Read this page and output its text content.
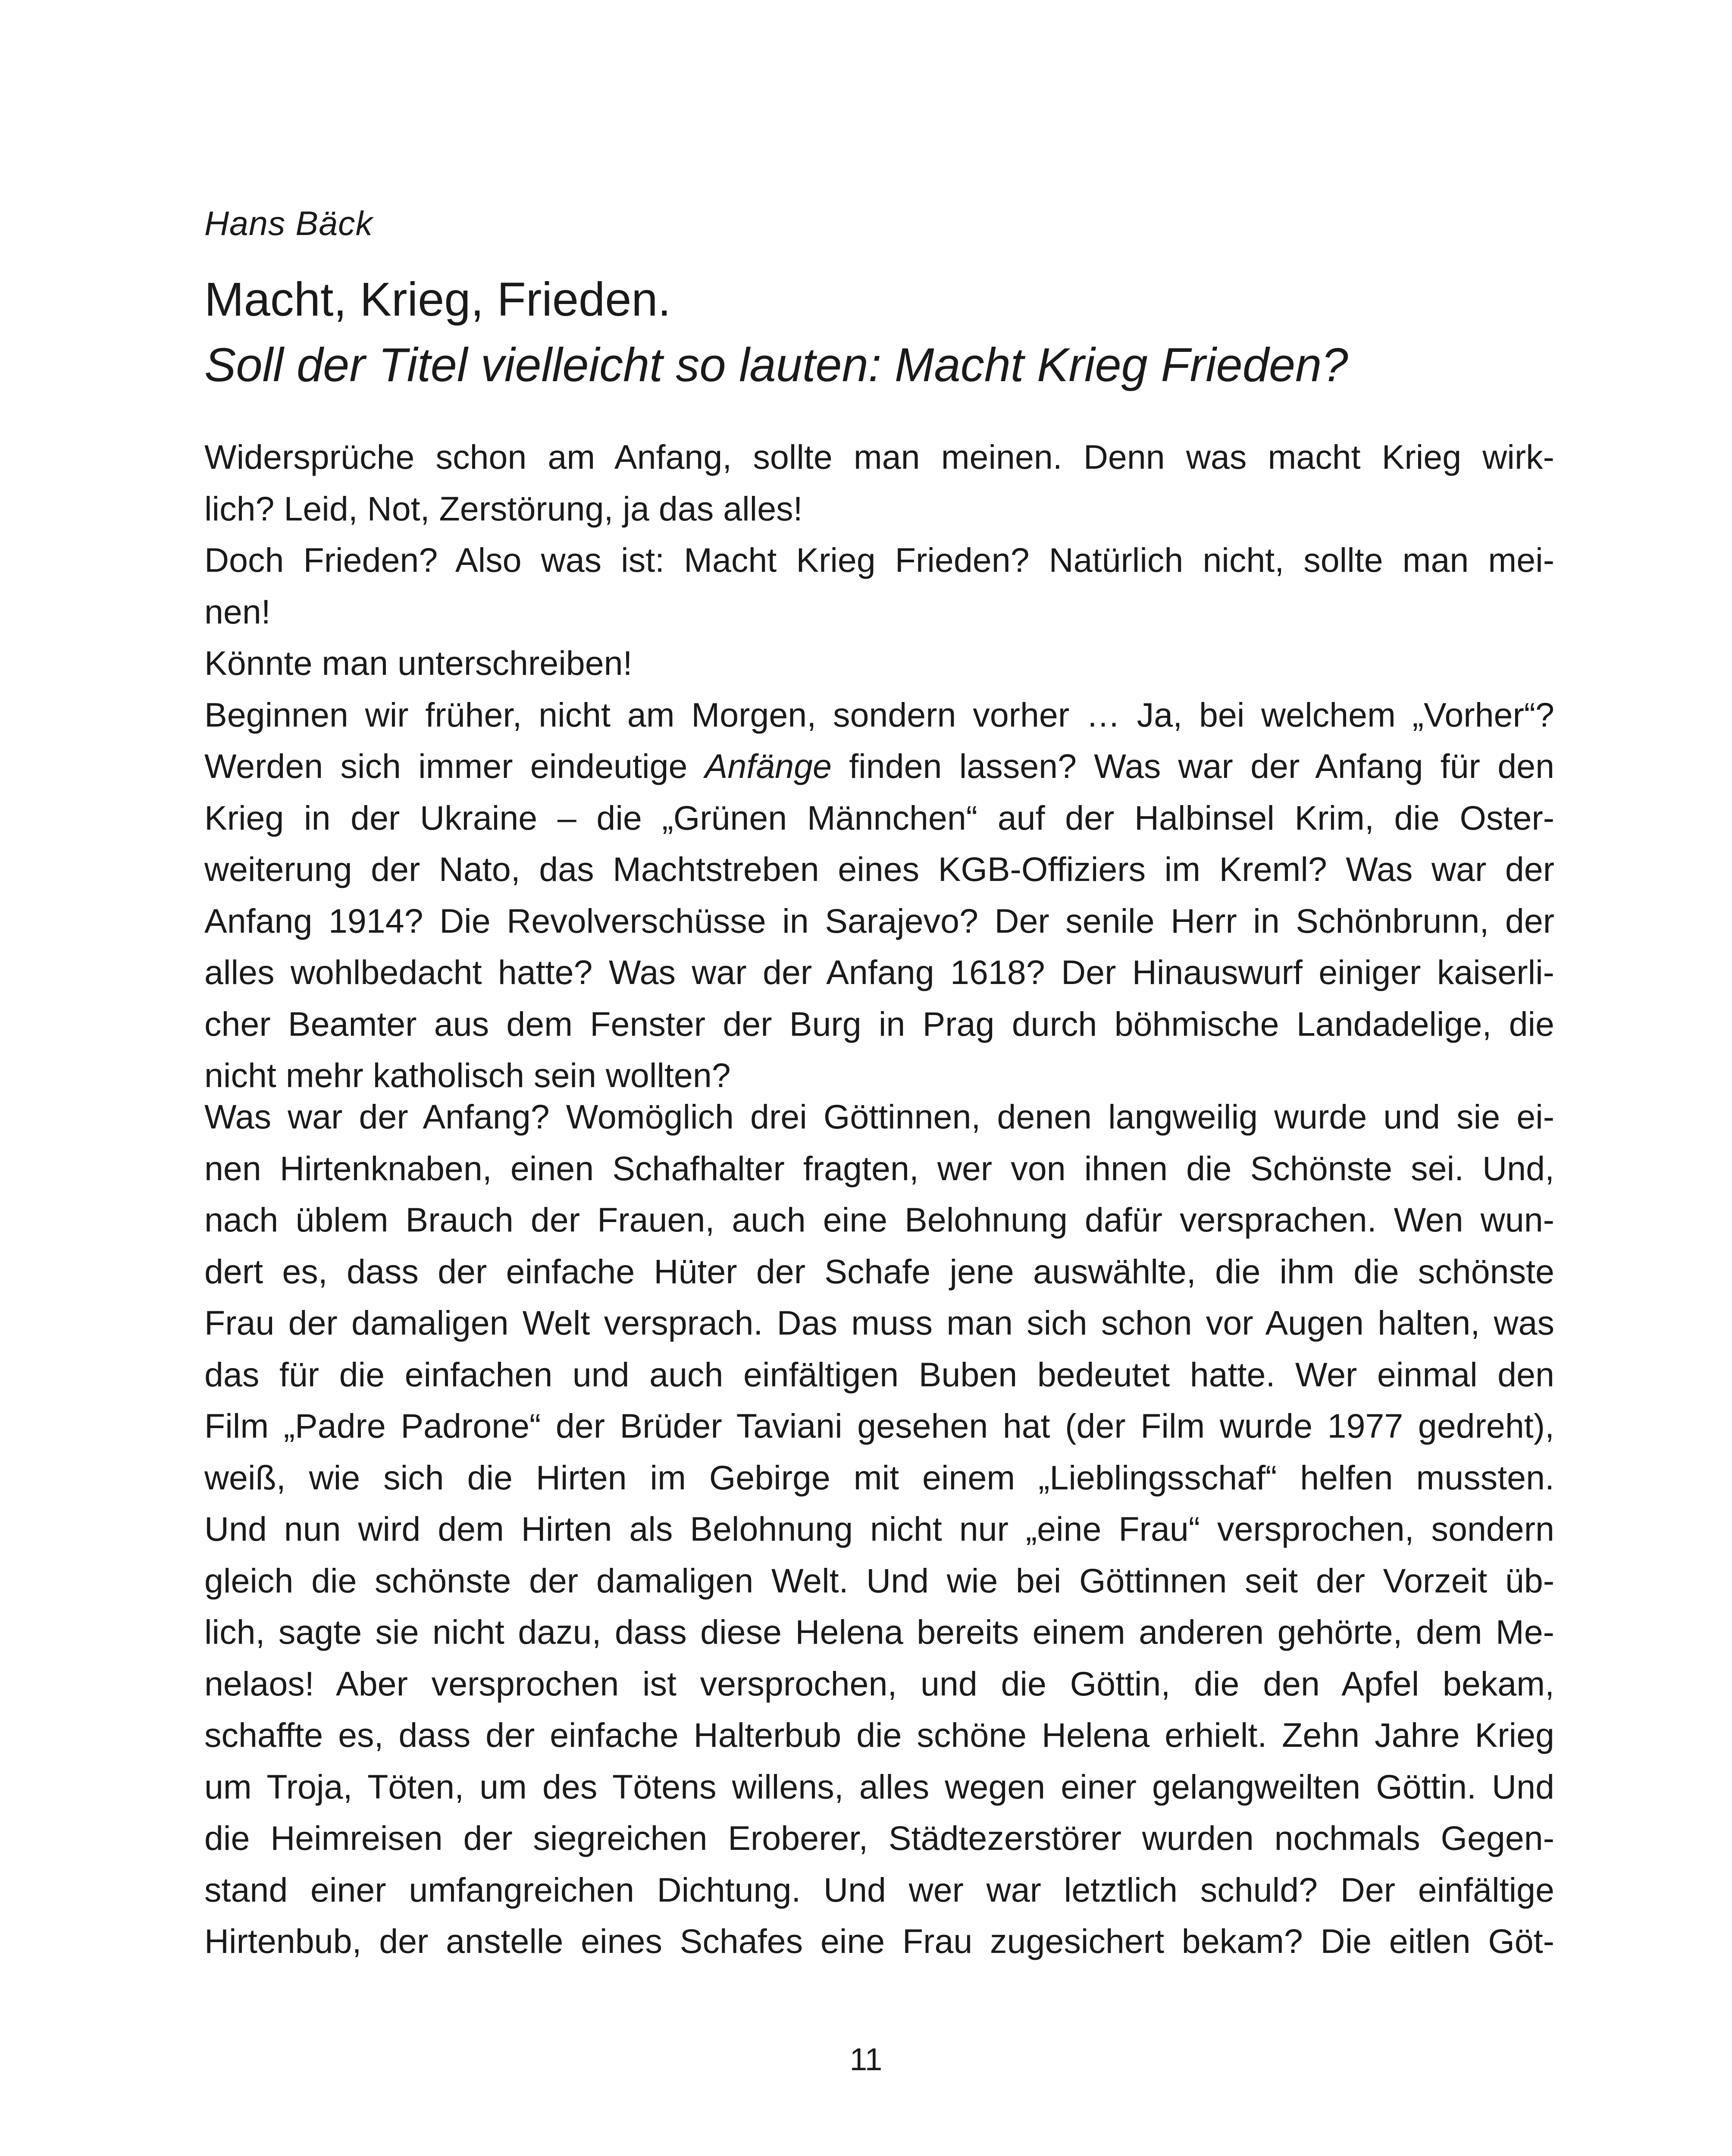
Hans Bäck
Macht, Krieg, Frieden.
Soll der Titel vielleicht so lauten: Macht Krieg Frieden?
Widersprüche schon am Anfang, sollte man meinen. Denn was macht Krieg wirk-
lich? Leid, Not, Zerstörung, ja das alles!
Doch Frieden? Also was ist: Macht Krieg Frieden? Natürlich nicht, sollte man mei-
nen!
Könnte man unterschreiben!
Beginnen wir früher, nicht am Morgen, sondern vorher … Ja, bei welchem „Vorher“?
Werden sich immer eindeutige Anfänge finden lassen? Was war der Anfang für den
Krieg in der Ukraine – die „Grünen Männchen“ auf der Halbinsel Krim, die Oster-
weiterung der Nato, das Machtstreben eines KGB-Offiziers im Kreml? Was war der
Anfang 1914? Die Revolverschüsse in Sarajevo? Der senile Herr in Schönbrunn, der
alles wohlbedacht hatte? Was war der Anfang 1618? Der Hinauswurf einiger kaiserli-
cher Beamter aus dem Fenster der Burg in Prag durch böhmische Landadelige, die
nicht mehr katholisch sein wollten?
Was war der Anfang? Womöglich drei Göttinnen, denen langweilig wurde und sie ei-
nen Hirtenknaben, einen Schafhalter fragten, wer von ihnen die Schönste sei. Und,
nach üblem Brauch der Frauen, auch eine Belohnung dafür versprachen. Wen wun-
dert es, dass der einfache Hüter der Schafe jene auswählte, die ihm die schönste
Frau der damaligen Welt versprach. Das muss man sich schon vor Augen halten, was
das für die einfachen und auch einfältigen Buben bedeutet hatte. Wer einmal den
Film „Padre Padrone“ der Brüder Taviani gesehen hat (der Film wurde 1977 gedreht),
weiß, wie sich die Hirten im Gebirge mit einem „Lieblingsschaf“ helfen mussten.
Und nun wird dem Hirten als Belohnung nicht nur „eine Frau“ versprochen, sondern
gleich die schönste der damaligen Welt. Und wie bei Göttinnen seit der Vorzeit üb-
lich, sagte sie nicht dazu, dass diese Helena bereits einem anderen gehörte, dem Me-
nelaos! Aber versprochen ist versprochen, und die Göttin, die den Apfel bekam,
schaffte es, dass der einfache Halterbub die schöne Helena erhielt. Zehn Jahre Krieg
um Troja, Töten, um des Tötens willens, alles wegen einer gelangweilten Göttin. Und
die Heimreisen der siegreichen Eroberer, Städtezerstörer wurden nochmals Gegen-
stand einer umfangreichen Dichtung. Und wer war letztlich schuld? Der einfältige
Hirtenbub, der anstelle eines Schafes eine Frau zugesichert bekam? Die eitlen Göt-
11
